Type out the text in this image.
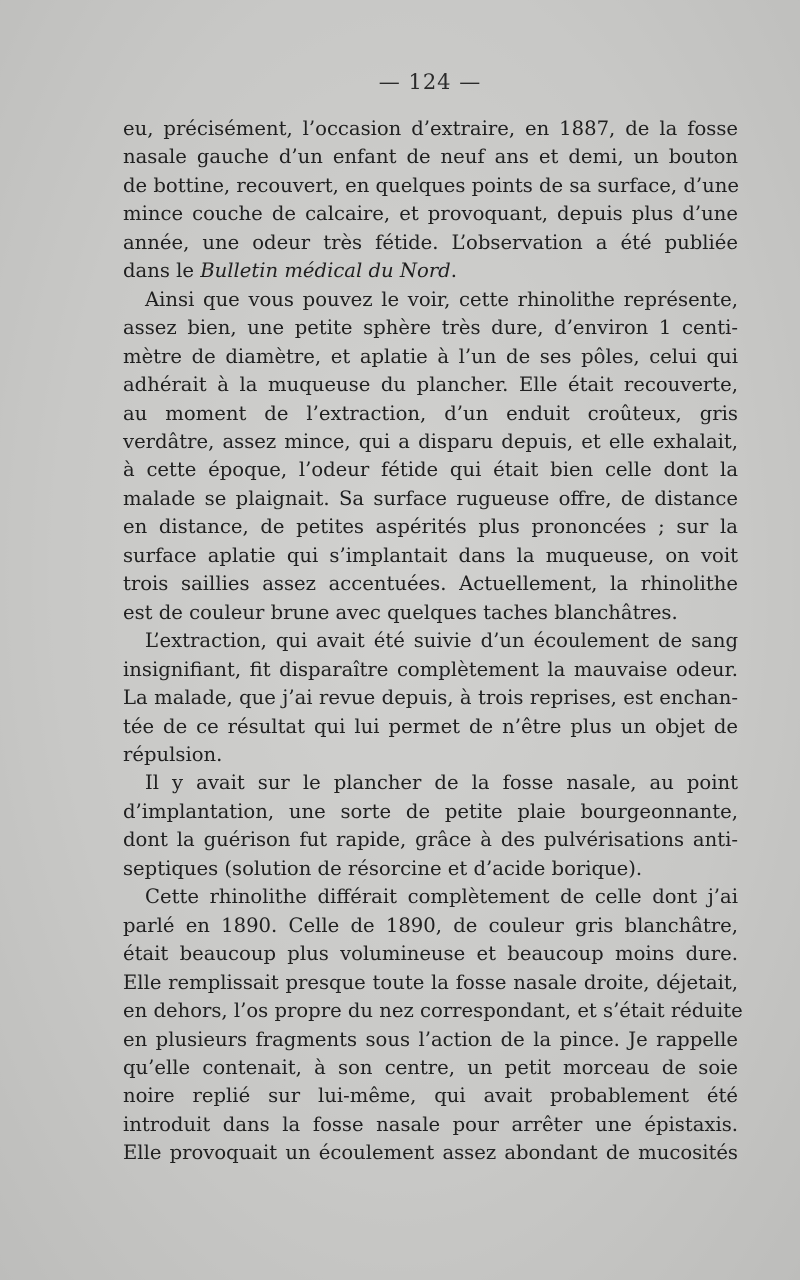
— 124 —
eu, précisément, l’occasion d’extraire, en 1887, de la fosse
nasale gauche d’un enfant de neuf ans et demi, un bouton
de bottine, recouvert, en quelques points de sa surface, d’une
mince couche de calcaire, et provoquant, depuis plus d’une
année, une odeur très fétide. L’observation a été publiée
dans le Bulletin médical du Nord.
Ainsi que vous pouvez le voir, cette rhinolithe représente,
assez bien, une petite sphère très dure, d’environ 1 centi-
mètre de diamètre, et aplatie à l’un de ses pôles, celui qui
adhérait à la muqueuse du plancher. Elle était recouverte,
au moment de l’extraction, d’un enduit croûteux, gris
verdâtre, assez mince, qui a disparu depuis, et elle exhalait,
à cette époque, l’odeur fétide qui était bien celle dont la
malade se plaignait. Sa surface rugueuse offre, de distance
en distance, de petites aspérités plus prononcées ; sur la
surface aplatie qui s’implantait dans la muqueuse, on voit
trois saillies assez accentuées. Actuellement, la rhinolithe
est de couleur brune avec quelques taches blanchâtres.
L’extraction, qui avait été suivie d’un écoulement de sang
insignifiant, fit disparaître complètement la mauvaise odeur.
La malade, que j’ai revue depuis, à trois reprises, est enchan-
tée de ce résultat qui lui permet de n’être plus un objet de
répulsion.
Il y avait sur le plancher de la fosse nasale, au point
d’implantation, une sorte de petite plaie bourgeonnante,
dont la guérison fut rapide, grâce à des pulvérisations anti-
septiques (solution de résorcine et d’acide borique).
Cette rhinolithe différait complètement de celle dont j’ai
parlé en 1890. Celle de 1890, de couleur gris blanchâtre,
était beaucoup plus volumineuse et beaucoup moins dure.
Elle remplissait presque toute la fosse nasale droite, déjetait,
en dehors, l’os propre du nez correspondant, et s’était réduite
en plusieurs fragments sous l’action de la pince. Je rappelle
qu’elle contenait, à son centre, un petit morceau de soie
noire replié sur lui-même, qui avait probablement été
introduit dans la fosse nasale pour arrêter une épistaxis.
Elle provoquait un écoulement assez abondant de mucosités
